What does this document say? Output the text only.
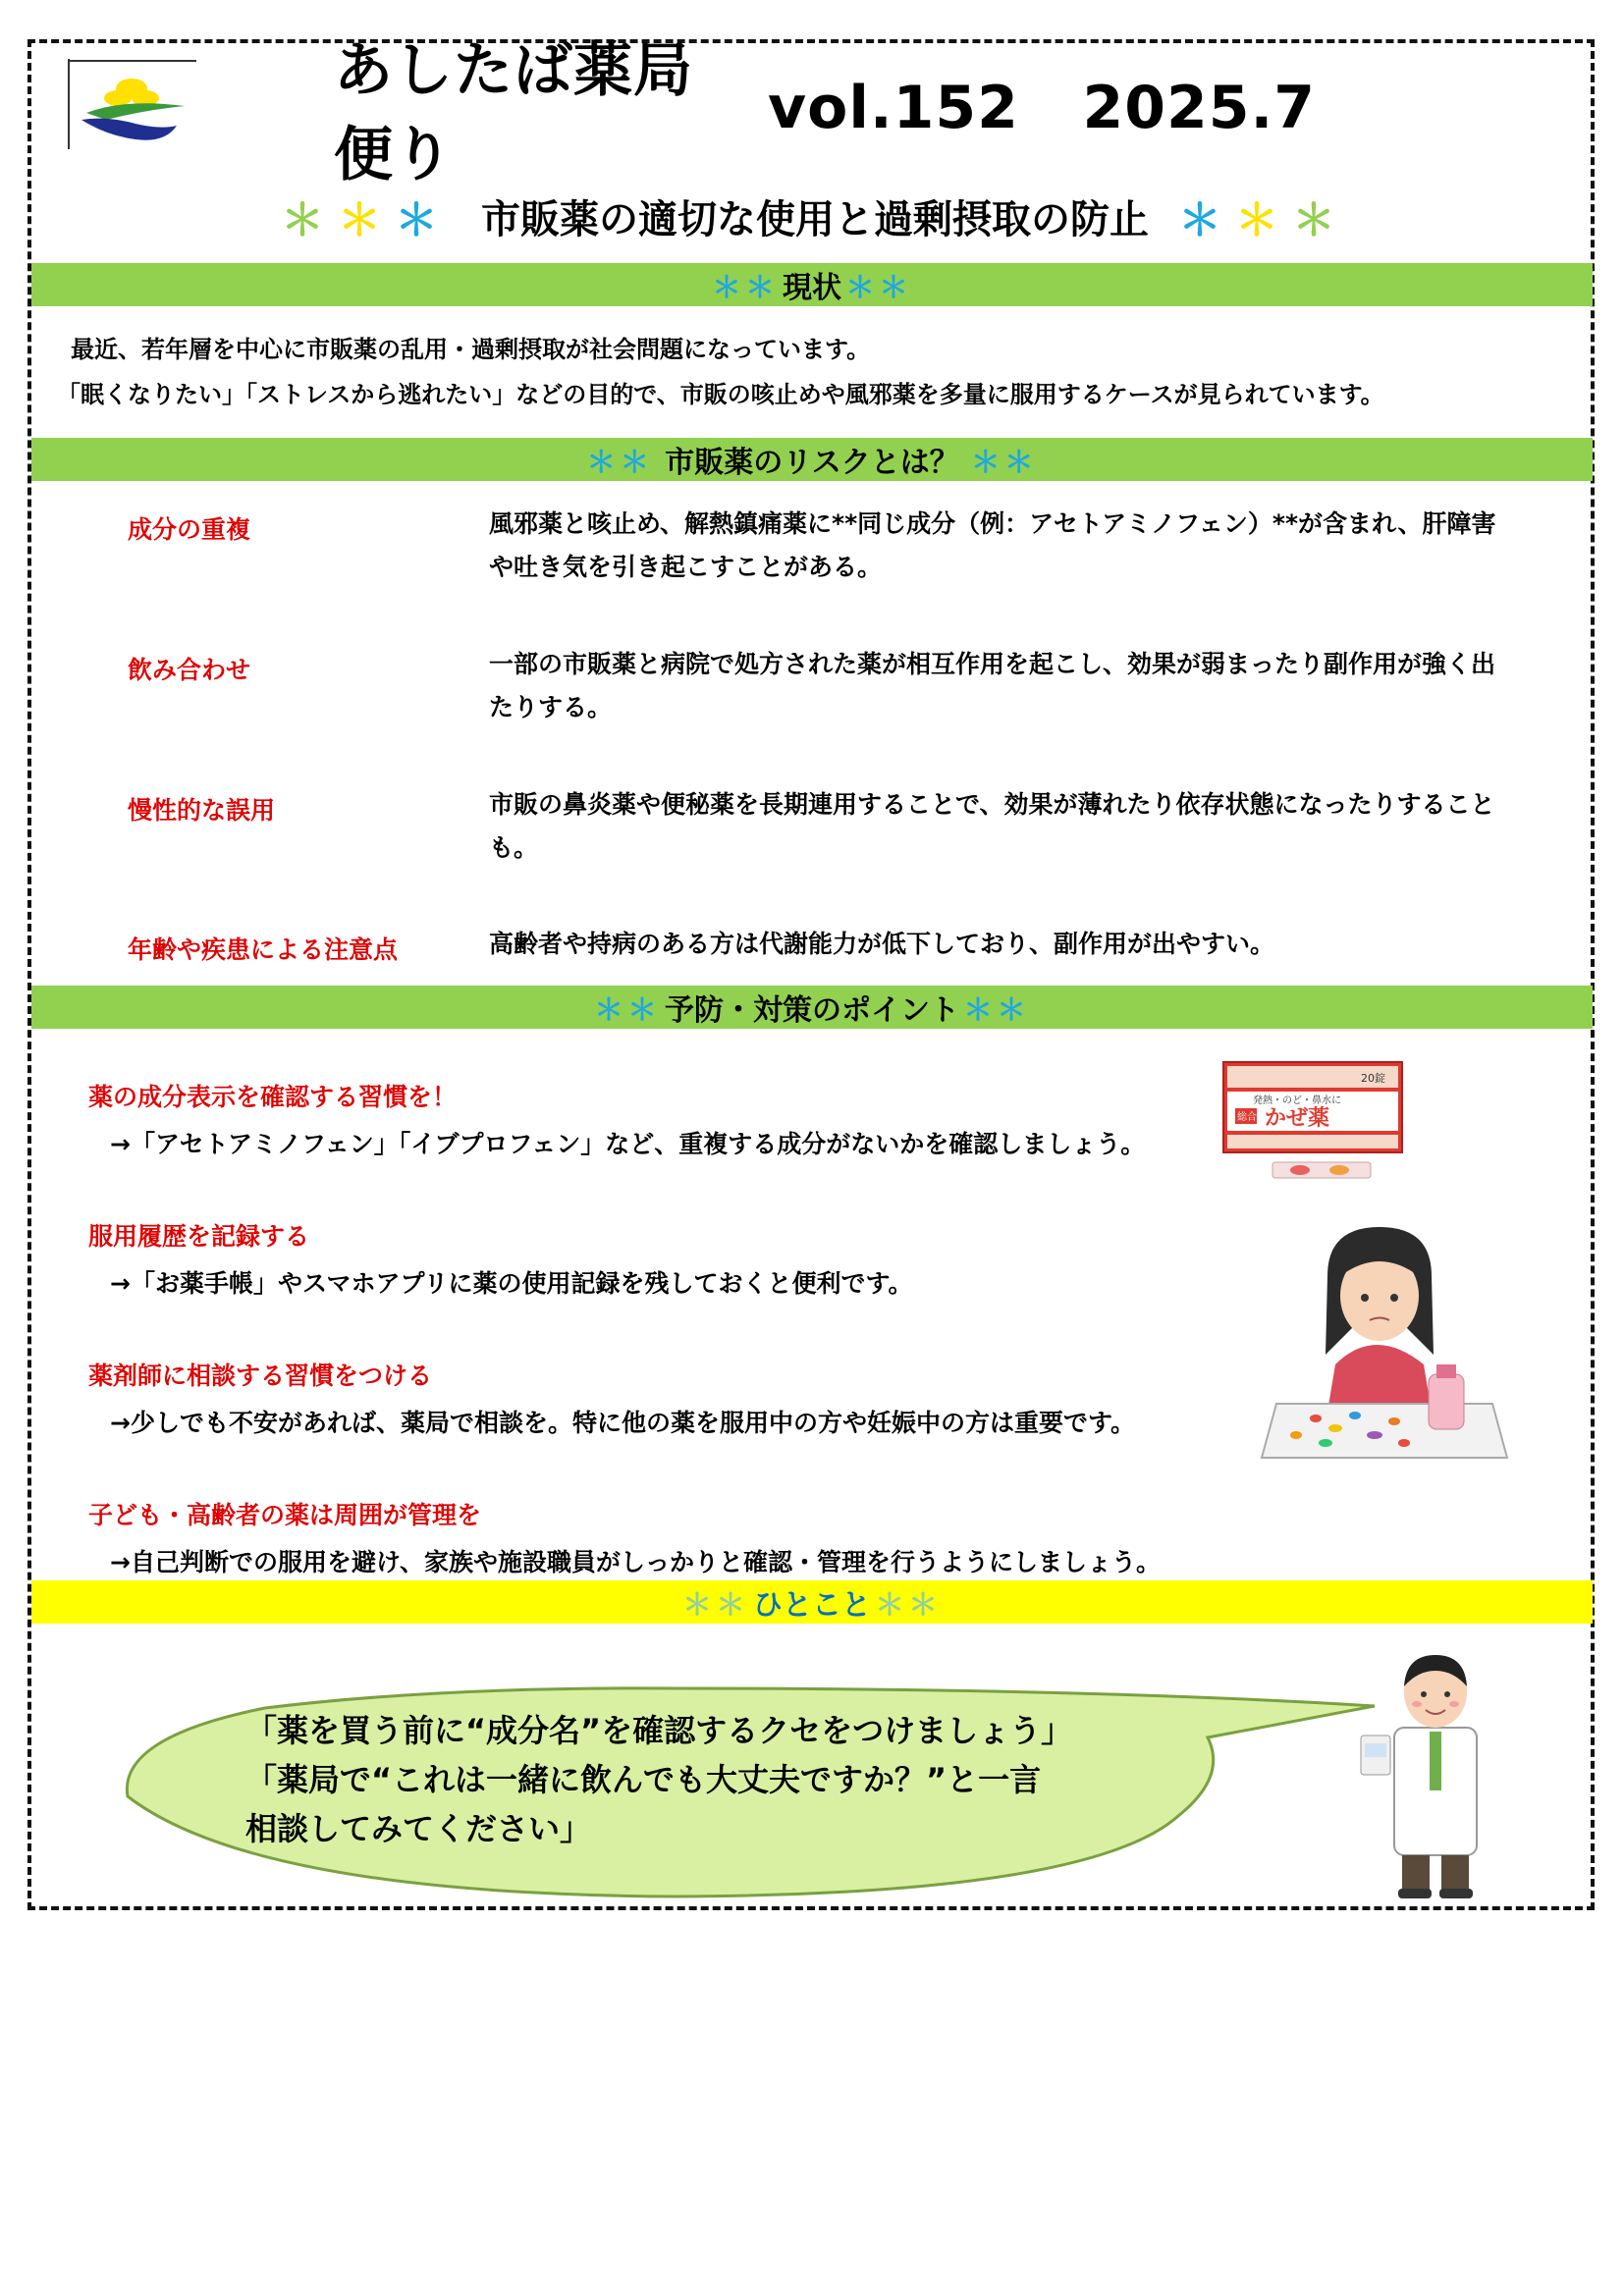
あしたば薬局便り
vol.152 2025.7
＊＊＊ 市販薬の適切な使用と過剰摂取の防止 ＊＊＊
＊＊ 現状 ＊＊
最近、若年層を中心に市販薬の乱用・過剰摂取が社会問題になっています。
「眠くなりたい」「ストレスから逃れたい」などの目的で、市販の咳止めや風邪薬を多量に服用するケースが見られています。
＊＊ 市販薬のリスクとは？ ＊＊
成分の重複	風邪薬と咳止め、解熱鎮痛薬に**同じ成分（例：アセトアミノフェン）**が含まれ、肝障害や吐き気を引き起こすことがある。
飲み合わせ	一部の市販薬と病院で処方された薬が相互作用を起こし、効果が弱まったり副作用が強く出たりする。
慢性的な誤用	市販の鼻炎薬や便秘薬を長期連用することで、効果が薄れたり依存状態になったりすることも。
年齢や疾患による注意点	高齢者や持病のある方は代謝能力が低下しており、副作用が出やすい。
＊＊ 予防・対策のポイント ＊＊
薬の成分表示を確認する習慣を！
→「アセトアミノフェン」「イブプロフェン」など、重複する成分がないかを確認しましょう。
服用履歴を記録する
→「お薬手帳」やスマホアプリに薬の使用記録を残しておくと便利です。
薬剤師に相談する習慣をつける
→少しでも不安があれば、薬局で相談を。特に他の薬を服用中の方や妊娠中の方は重要です。
子ども・高齢者の薬は周囲が管理を
→自己判断での服用を避け、家族や施設職員がしっかりと確認・管理を行うようにしましょう。
20錠
発熱・のど・鼻水に
総合 かぜ薬
＊＊ ひとこと ＊＊
「薬を買う前に“成分名”を確認するクセをつけましょう」
「薬局で“これは一緒に飲んでも大丈夫ですか？”と一言
相談してみてください」
